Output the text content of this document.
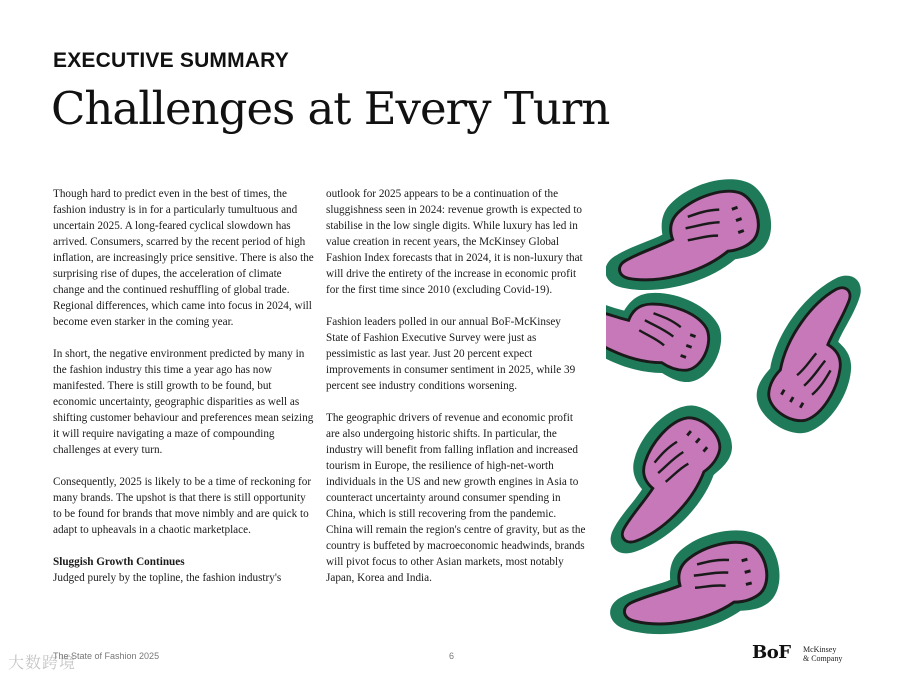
EXECUTIVE SUMMARY
Challenges at Every Turn

Though hard to predict even in the best of times, the fashion industry is in for a particularly tumultuous and uncertain 2025. A long-feared cyclical slowdown has arrived. Consumers, scarred by the recent period of high inflation, are increasingly price sensitive. There is also the surprising rise of dupes, the acceleration of climate change and the continued reshuffling of global trade. Regional differences, which came into focus in 2024, will become even starker in the coming year.

In short, the negative environment predicted by many in the fashion industry this time a year ago has now manifested. There is still growth to be found, but economic uncertainty, geographic disparities as well as shifting customer behaviour and preferences mean seizing it will require navigating a maze of compounding challenges at every turn.

Consequently, 2025 is likely to be a time of reckoning for many brands. The upshot is that there is still opportunity to be found for brands that move nimbly and are quick to adapt to upheavals in a chaotic marketplace.

Sluggish Growth Continues

Judged purely by the topline, the fashion industry's

outlook for 2025 appears to be a continuation of the sluggishness seen in 2024: revenue growth is expected to stabilise in the low single digits. While luxury has led in value creation in recent years, the McKinsey Global Fashion Index forecasts that in 2024, it is non-luxury that will drive the entirety of the increase in economic profit for the first time since 2010 (excluding Covid-19).

Fashion leaders polled in our annual BoF-McKinsey State of Fashion Executive Survey were just as pessimistic as last year. Just 20 percent expect improvements in consumer sentiment in 2025, while 39 percent see industry conditions worsening.

The geographic drivers of revenue and economic profit are also undergoing historic shifts. In particular, the industry will benefit from falling inflation and increased tourism in Europe, the resilience of high-net-worth individuals in the US and new growth engines in Asia to counteract uncertainty around consumer spending in China, which is still recovering from the pandemic.

China will remain the region's centre of gravity, but as the country is buffeted by macroeconomic headwinds, brands will pivot focus to other Asian markets, most notably Japan, Korea and India.

大数跨境
The State of Fashion 2025	6	BoF McKinsey
& Company
